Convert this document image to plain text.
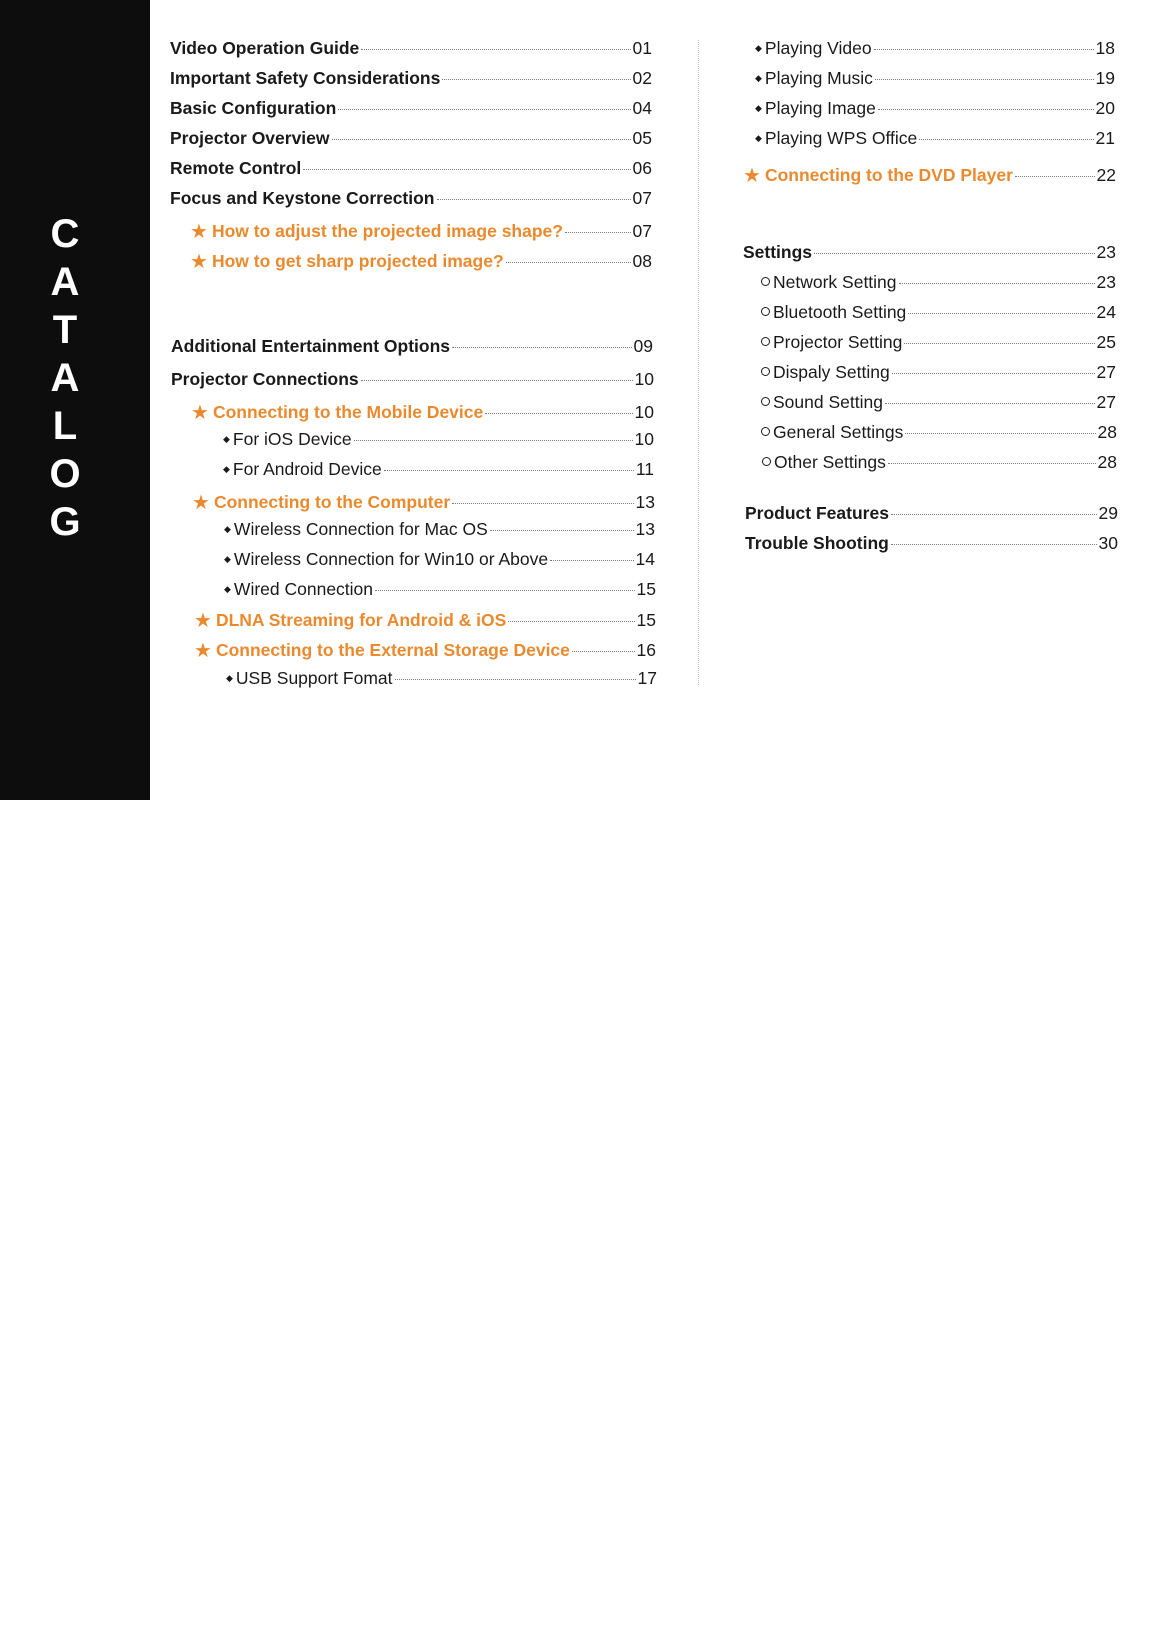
C
A
T
A
L
O
G
Video Operation Guide	01
Important Safety Considerations	02
Basic Configuration	04
Projector Overview	05
Remote Control	06
Focus and Keystone Correction	07
★ How to adjust the projected image shape?	07
★ How to get sharp projected image?	08
Additional Entertainment Options	09
Projector Connections	10
★ Connecting to the Mobile Device	10
◆ For iOS Device	10
◆ For Android Device	11
★ Connecting to the Computer	13
◆ Wireless Connection for Mac OS	13
◆ Wireless Connection for Win10 or Above	14
◆ Wired Connection	15
★ DLNA Streaming for Android & iOS	15
★ Connecting to the External Storage Device	16
◆ USB Support Fomat	17
◆ Playing Video	18
◆ Playing Music	19
◆ Playing Image	20
◆ Playing WPS Office	21
★ Connecting to the DVD Player	22
Settings	23
Network Setting	23
Bluetooth Setting	24
Projector Setting	25
Dispaly Setting	27
Sound Setting	27
General Settings	28
Other Settings	28
Product Features	29
Trouble Shooting	30
